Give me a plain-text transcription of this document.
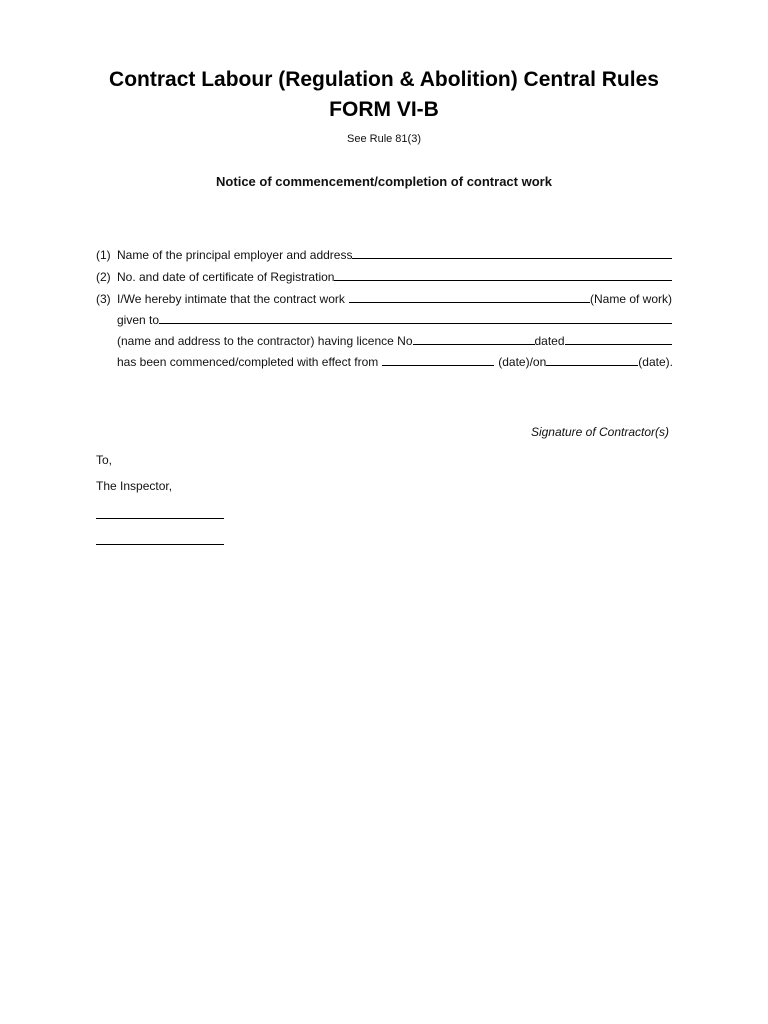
Contract Labour (Regulation & Abolition) Central Rules
FORM VI-B
See Rule 81(3)
Notice of commencement/completion of contract work
(1) Name of the principal employer and address
(2) No. and date of certificate of Registration
(3) I/We hereby intimate that the contract work	(Name of work)
given to
(name and address to the contractor) having licence No	dated
has been commenced/completed with effect from	(date)/on	(date).
Signature of Contractor(s)
To,
The Inspector,
